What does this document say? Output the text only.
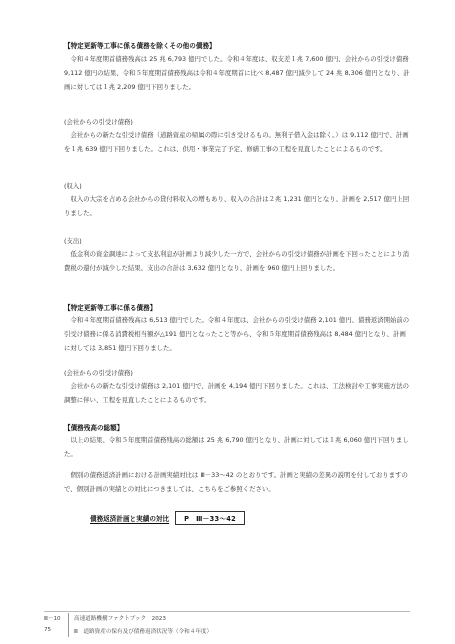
【特定更新等工事に係る債務を除くその他の債務】

令和４年度期首債務残高は 25 兆 6,793 億円でした。令和４年度は、収支差１兆 7,600 億円、会社からの引受け債務 9,112 億円の結果、令和５年度期首債務残高は令和４年度期首に比べ 8,487 億円減少して 24 兆 8,306 億円となり、計画に対しては１兆 2,209 億円下回りました。

(会社からの引受け債務)

会社からの新たな引受け債務（道路資産の帰属の際に引き受けるもの。無利子借入金は除く。）は 9,112 億円で、計画を１兆 639 億円下回りました。これは、供用・事業完了予定、修繕工事の工程を見直したことによるものです。

(収入)

収入の大宗を占める会社からの貸付料収入の増もあり、収入の合計は２兆 1,231 億円となり、計画を 2,517 億円上回りました。

(支出)

低金利の資金調達によって支払利息が計画より減少した一方で、会社からの引受け債務が計画を下回ったことにより消費税の還付が減少した結果、支出の合計は 3,632 億円となり、計画を 960 億円上回りました。

【特定更新等工事に係る債務】

令和４年度期首債務残高は 6,513 億円でした。令和４年度は、会社からの引受け債務 2,101 億円、債務返済開始前の引受け債務に係る消費税相当額が△191 億円となったこと等から、令和５年度期首債務残高は 8,484 億円となり、計画に対しては 3,851 億円下回りました。

(会社からの引受け債務)

会社からの新たな引受け債務は 2,101 億円で、計画を 4,194 億円下回りました。これは、工法検討や工事実施方法の調整に伴い、工程を見直したことによるものです。

【債務残高の総額】

以上の結果、令和５年度期首債務残高の総額は 25 兆 6,790 億円となり、計画に対しては１兆 6,060 億円下回りました。

個別の債務返済計画における計画実績対比は Ⅲ－33～42 のとおりです。計画と実績の差異の説明を付しておりますので、個別計画の実績との対比につきましては、こちらをご参照ください。

債務返済計画と実績の対比	P　Ⅲ－33～42
Ⅲ－10
75
高速道路機構ファクトブック　2023
Ⅲ　道路資産の保有及び債務返済状況等（令和４年度）
